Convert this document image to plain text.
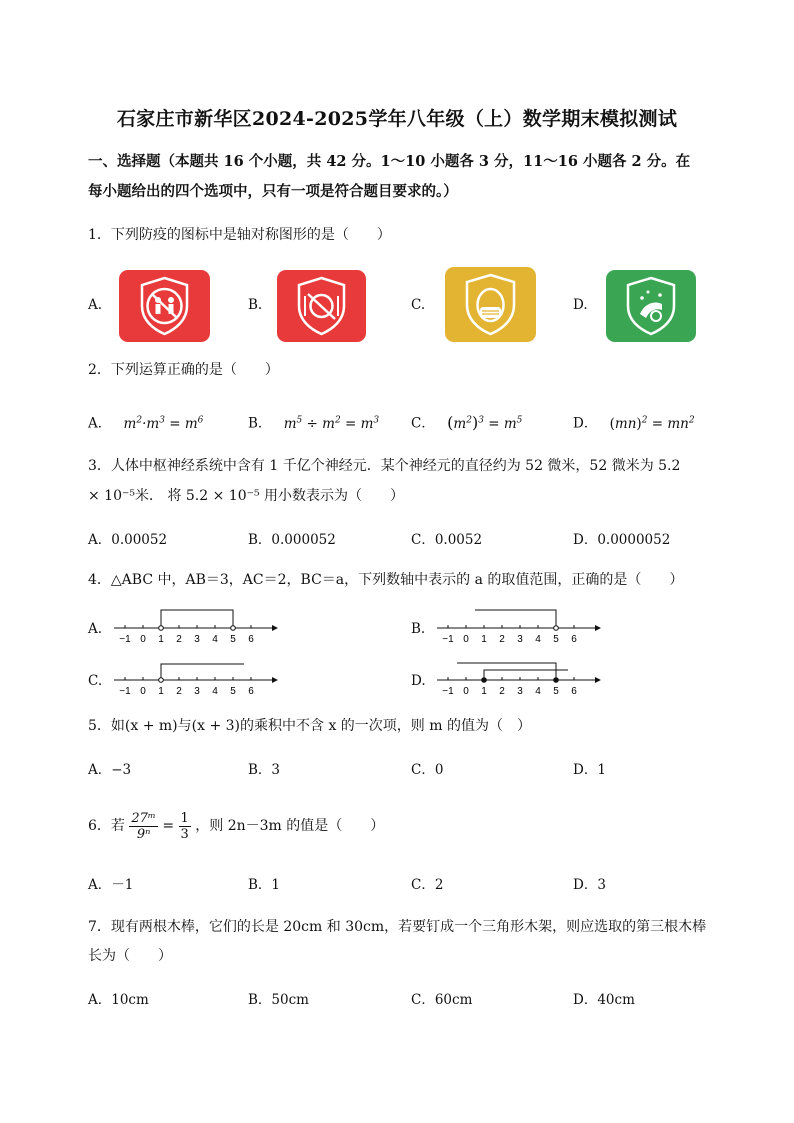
石家庄市新华区2024-2025学年八年级（上）数学期末模拟测试
一、选择题（本题共 16 个小题，共 42 分。1～10 小题各 3 分，11～16 小题各 2 分。在
每小题给出的四个选项中，只有一项是符合题目要求的。）
1．下列防疫的图标中是轴对称图形的是（　　）
A.	B.	C.	D.
2．下列运算正确的是（　　）
A． $m^2\cdot m^3 = m^6$	B． $m^5 \div m^2 = m^3$ C． $(m^2)^3 = m^5$	D． $(mn)^2 = mn^2$
3．人体中枢神经系统中含有 1 千亿个神经元．某个神经元的直径约为 52 微米，52 微米为 5.2
× 10⁻⁵米． 将 5.2 × 10⁻⁵ 用小数表示为（　　）
A．0.00052	B．0.000052	C．0.0052	D．0.0000052
4．△ABC 中，AB＝3，AC＝2，BC＝a，下列数轴中表示的 a 的取值范围，正确的是（　　）
A.	B.
C.	D.
−1 0 1 2 3 4 5 6	−1 0 1 2 3 4 5 6
−1 0 1 2 3 4 5 6	−1 0 1 2 3 4 5 6
5．如(x + m)与(x + 3)的乘积中不含 x 的一次项，则 m 的值为（　）
A．−3	B．3	C．0	D．1
6．若 $\frac{\text{27ᵐ}}{\text{9ⁿ}} = \frac{1}{3}$ ，则 2n－3m 的值是（　　）
A．－1	B．1	C．2	D．3
7．现有两根木棒，它们的长是 20cm 和 30cm，若要钉成一个三角形木架，则应选取的第三根木棒
长为（　　）
A．10cm	B．50cm	C．60cm	D．40cm
